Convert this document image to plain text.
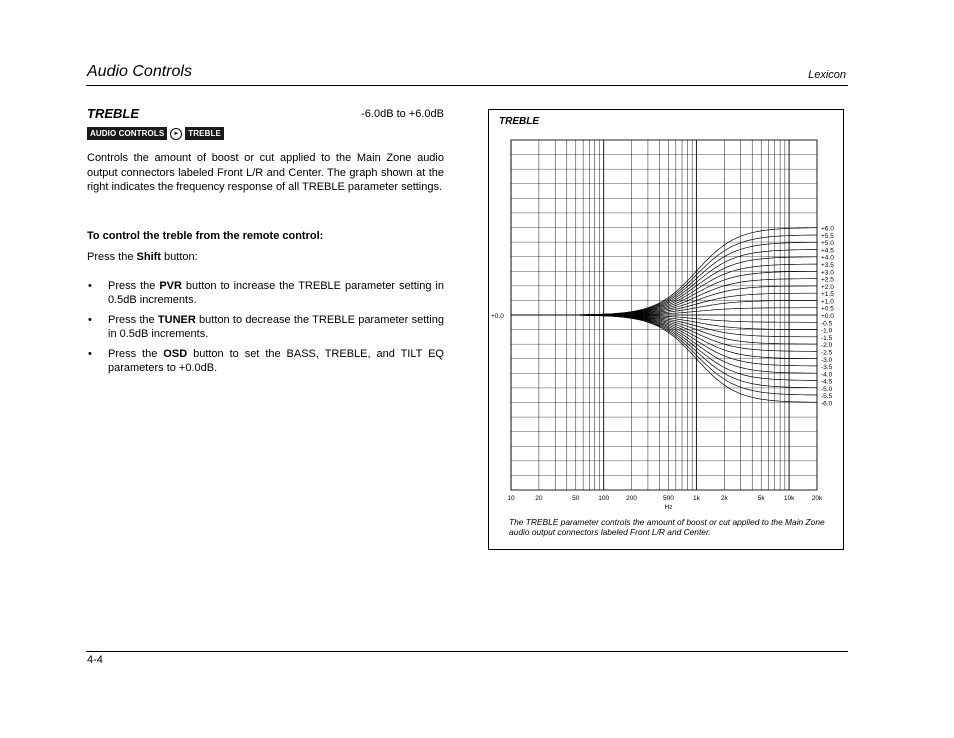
Audio Controls	Lexicon
TREBLE	-6.0dB to +6.0dB
AUDIO CONTROLS	►	TREBLE
Controls the amount of boost or cut applied to the Main Zone audio output connectors labeled Front L/R and Center. The graph shown at the right indicates the frequency response of all TREBLE parameter settings.
To control the treble from the remote control:
Press the Shift button:
• Press the PVR button to increase the TREBLE parameter setting in 0.5dB increments.
• Press the TUNER button to decrease the TREBLE parameter setting in 0.5dB increments.
• Press the OSD button to set the BASS, TREBLE, and TILT EQ parameters to +0.0dB.
TREBLE
+6.0
+5.5
+5.0
+4.5
+4.0
+3.5
+3.0
+2.5
+2.0
+1.5
+1.0
+0.5
+0.0
-0.5
-1.0
-1.5
-2.0
-2.5
-3.0
-3.5
-4.0
-4.5
-5.0
-5.5
-6.0
+0.0
10	20	50	100	200	500	1k	2k	5k	10k	20k
Hz
The TREBLE parameter controls the amount of boost or cut applied to the Main Zone audio output connectors labeled Front L/R and Center.
4-4
